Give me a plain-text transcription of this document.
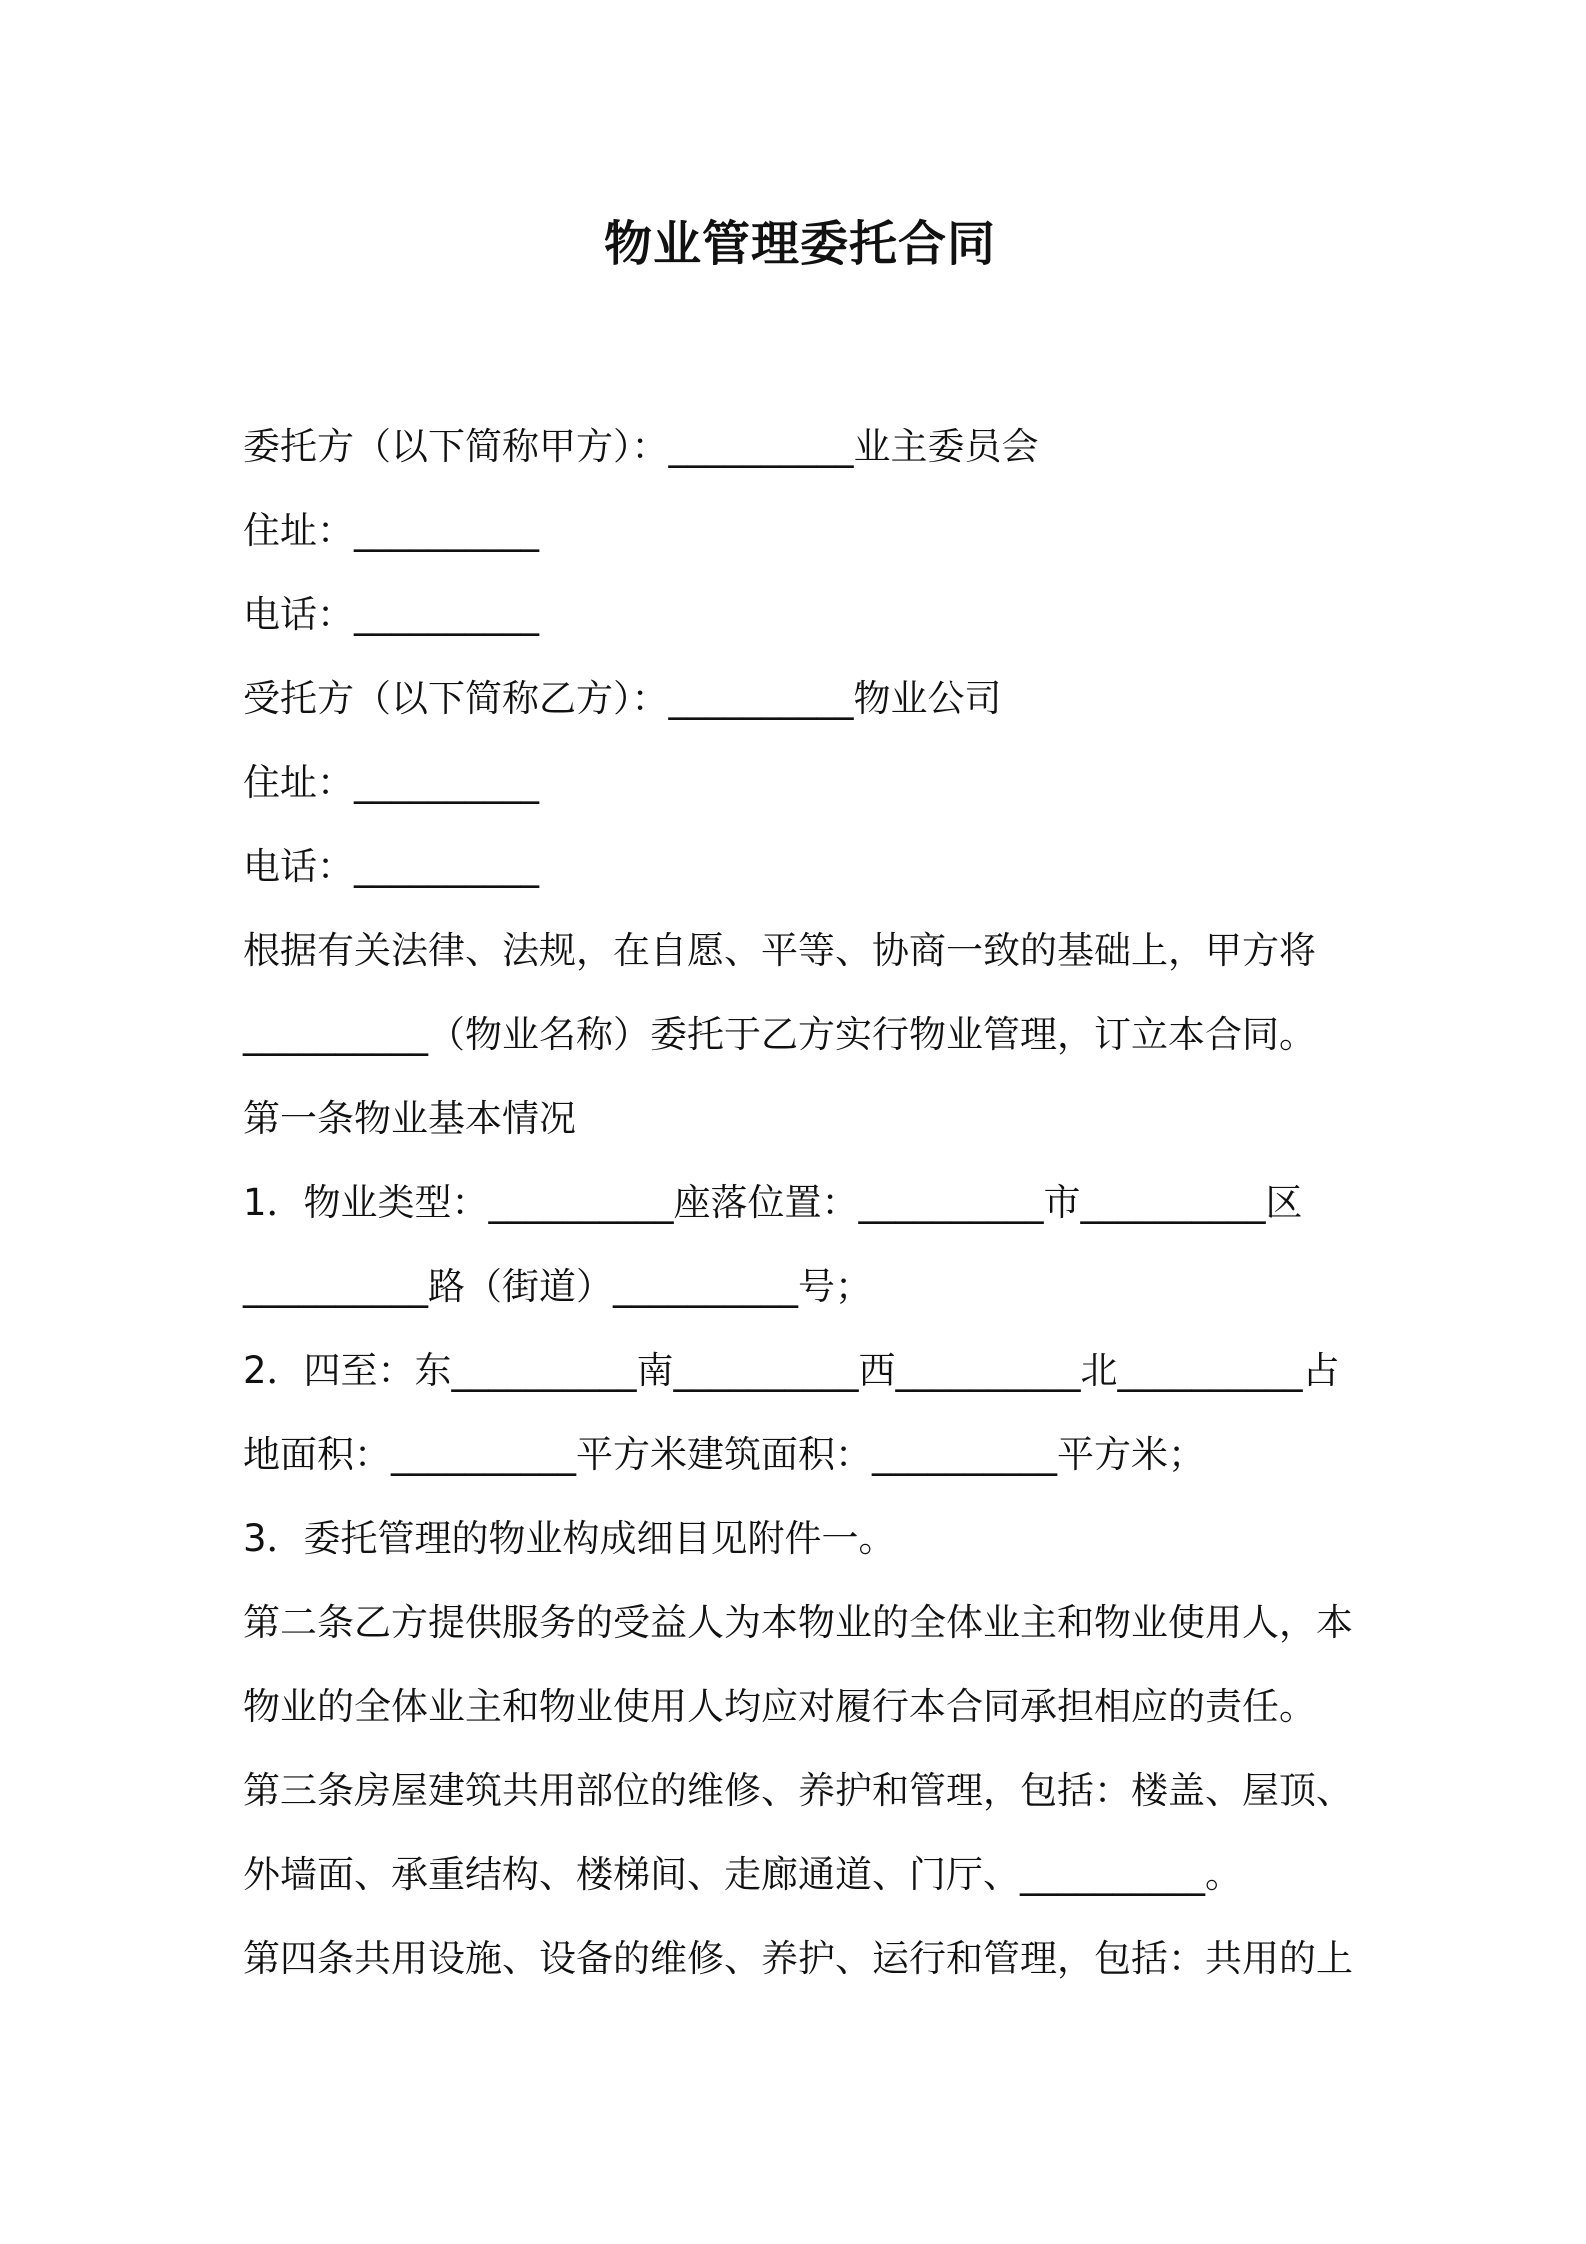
物业管理委托合同
委托方（以下简称甲方）：__________业主委员会
住址：__________
电话：__________
受托方（以下简称乙方）：__________物业公司
住址：__________
电话：__________
根据有关法律、法规，在自愿、平等、协商一致的基础上，甲方将
__________（物业名称）委托于乙方实行物业管理，订立本合同。
第一条物业基本情况
1．物业类型：__________座落位置：__________市__________区
__________路（街道）__________号；
2．四至：东__________南__________西__________北__________占
地面积：__________平方米建筑面积：__________平方米；
3．委托管理的物业构成细目见附件一。
第二条乙方提供服务的受益人为本物业的全体业主和物业使用人，本
物业的全体业主和物业使用人均应对履行本合同承担相应的责任。
第三条房屋建筑共用部位的维修、养护和管理，包括：楼盖、屋顶、
外墙面、承重结构、楼梯间、走廊通道、门厅、__________。
第四条共用设施、设备的维修、养护、运行和管理，包括：共用的上
